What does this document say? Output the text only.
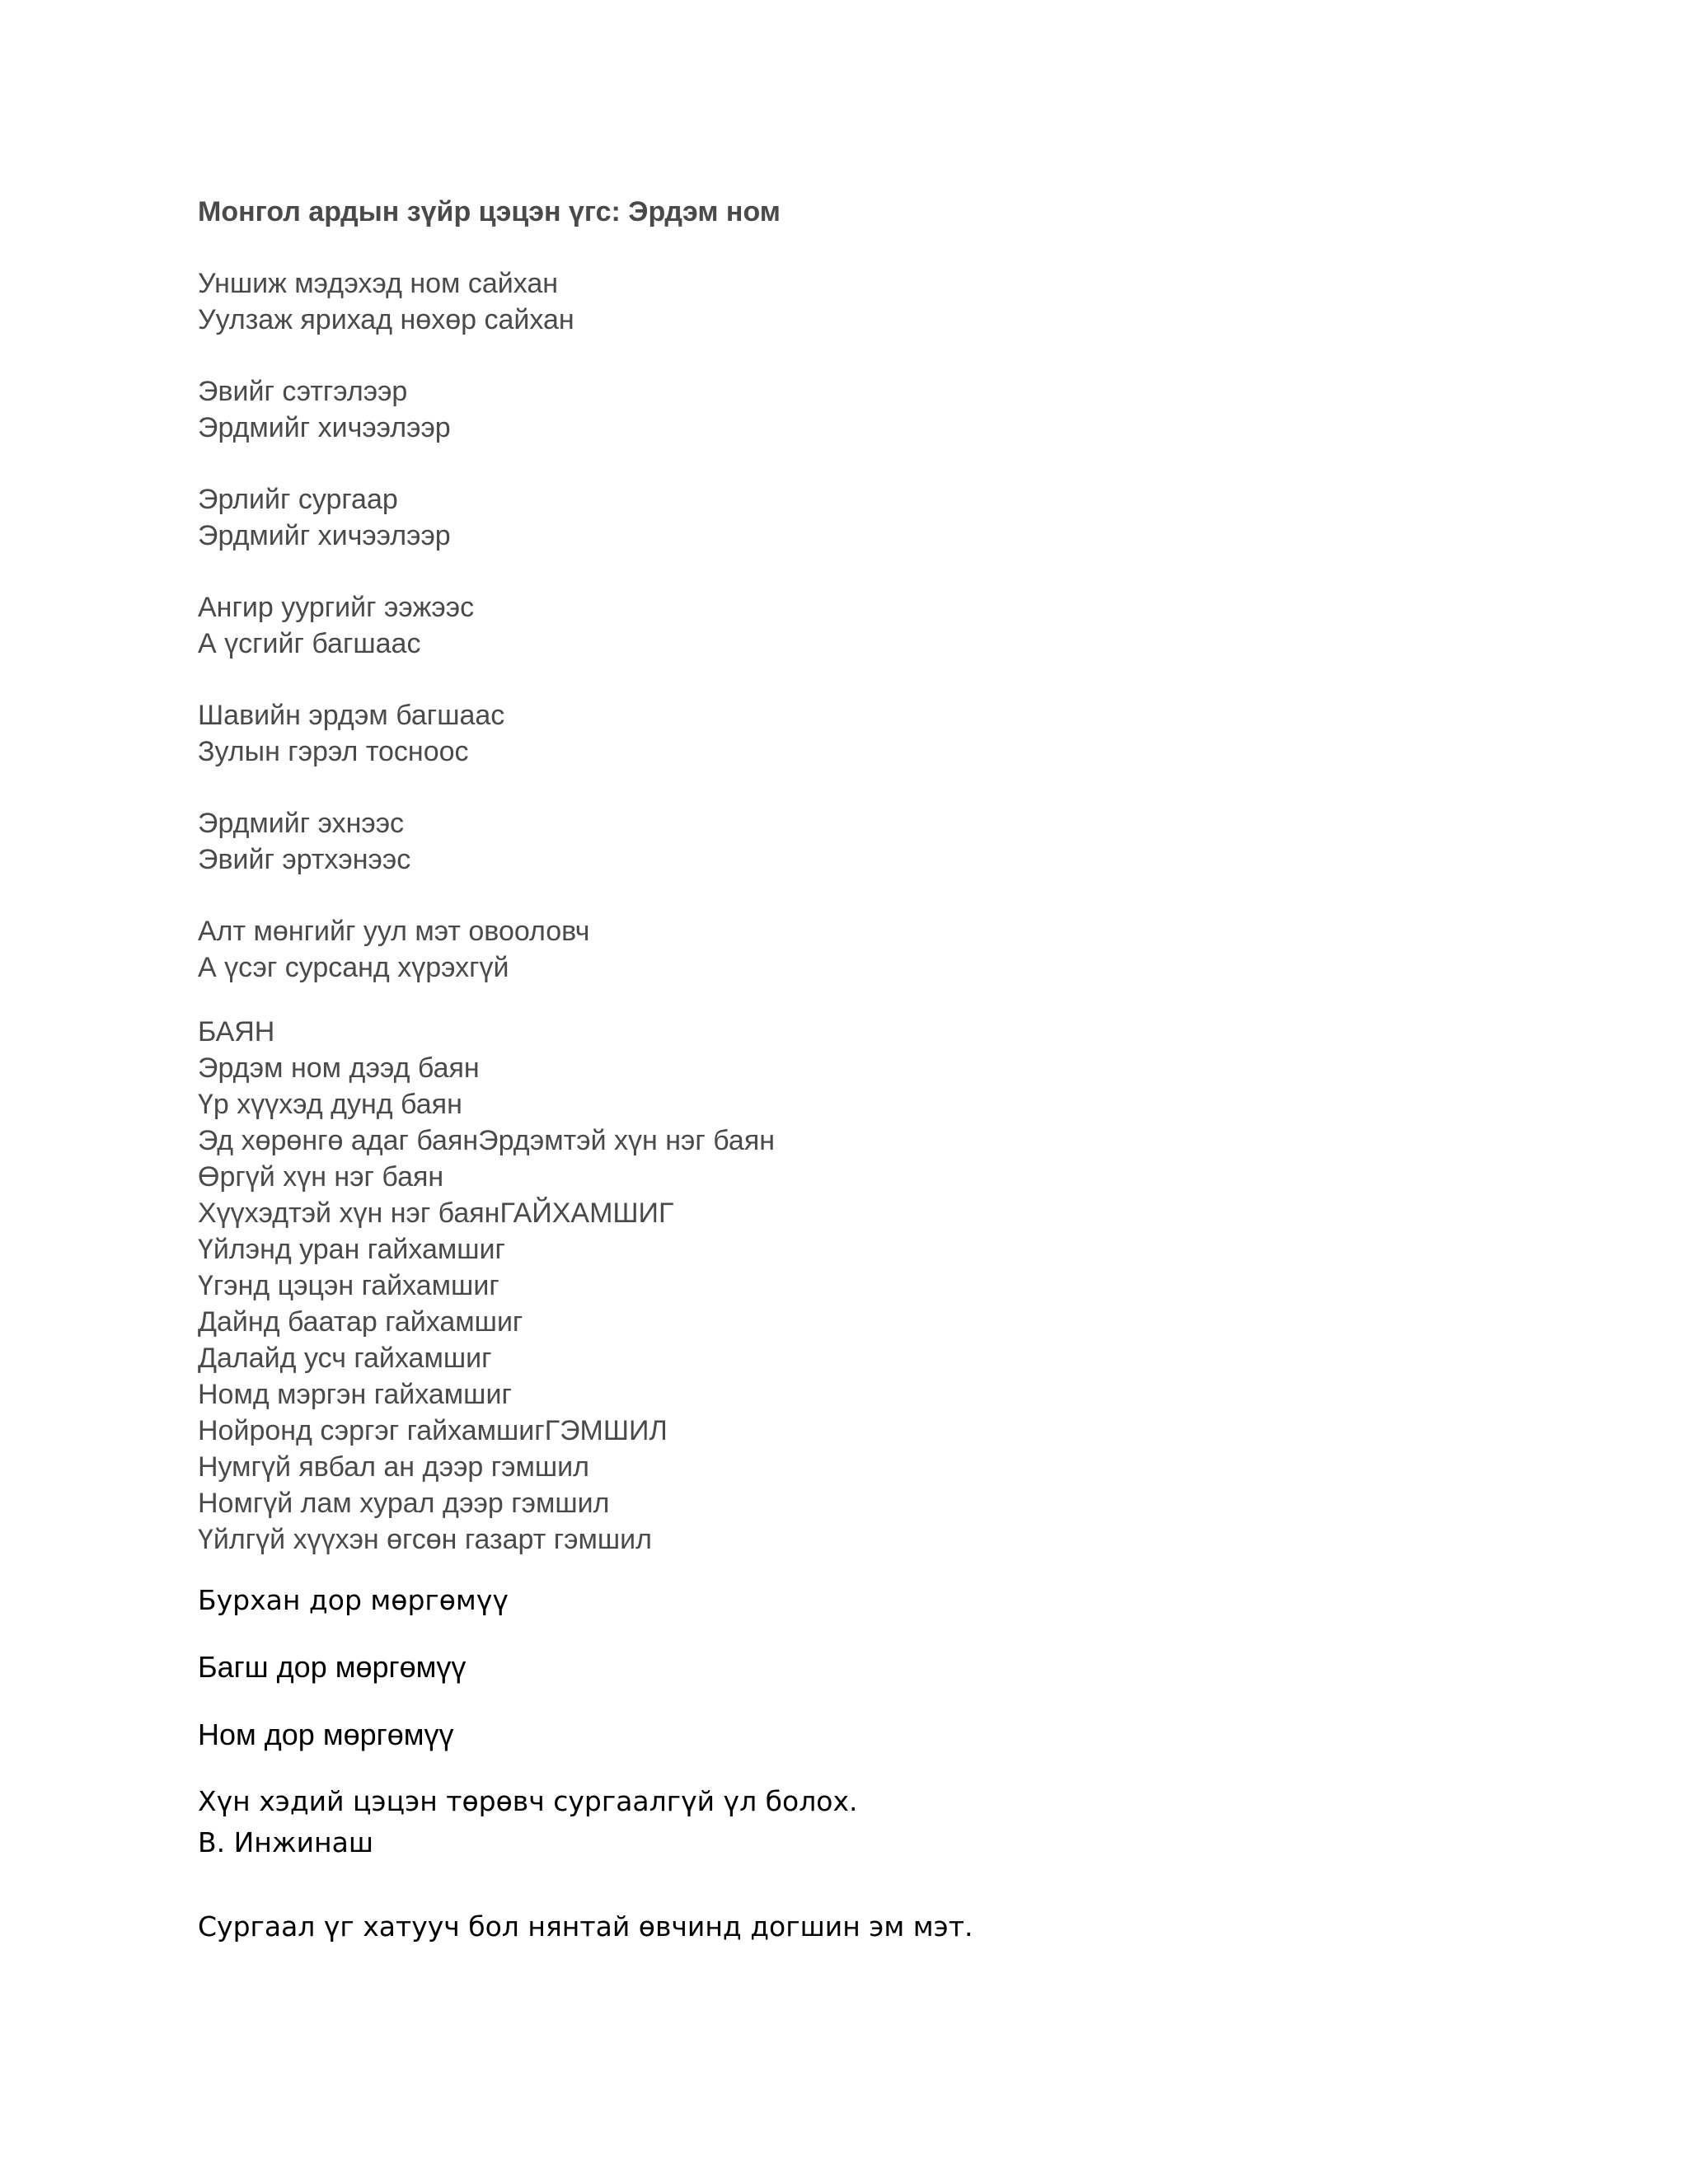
Монгол ардын зүйр цэцэн үгс: Эрдэм ном
Уншиж мэдэхэд ном сайхан
Уулзаж ярихад нөхөр сайхан
Эвийг сэтгэлээр
Эрдмийг хичээлээр
Эрлийг сургаар
Эрдмийг хичээлээр
Ангир уургийг ээжээс
А үсгийг багшаас
Шавийн эрдэм багшаас
Зулын гэрэл тосноос
Эрдмийг эхнээс
Эвийг эртхэнээс
Алт мөнгийг уул мэт овооловч
А үсэг сурсанд хүрэхгүй
БАЯН
Эрдэм ном дээд баян
Үр хүүхэд дунд баян
Эд хөрөнгө адаг баянЭрдэмтэй хүн нэг баян
Өргүй хүн нэг баян
Хүүхэдтэй хүн нэг баянГАЙХАМШИГ
Үйлэнд уран гайхамшиг
Үгэнд цэцэн гайхамшиг
Дайнд баатар гайхамшиг
Далайд усч гайхамшиг
Номд мэргэн гайхамшиг
Нойронд сэргэг гайхамшигГЭМШИЛ
Нумгүй явбал ан дээр гэмшил
Номгүй лам хурал дээр гэмшил
Үйлгүй хүүхэн өгсөн газарт гэмшил
Бурхан дор мөргөмүү
Багш дор мөргөмүү
Ном дор мөргөмүү
Хүн хэдий цэцэн төрөвч сургаалгүй үл болох.
В. Инжинаш
Сургаал үг хатууч бол нянтай өвчинд догшин эм мэт.
